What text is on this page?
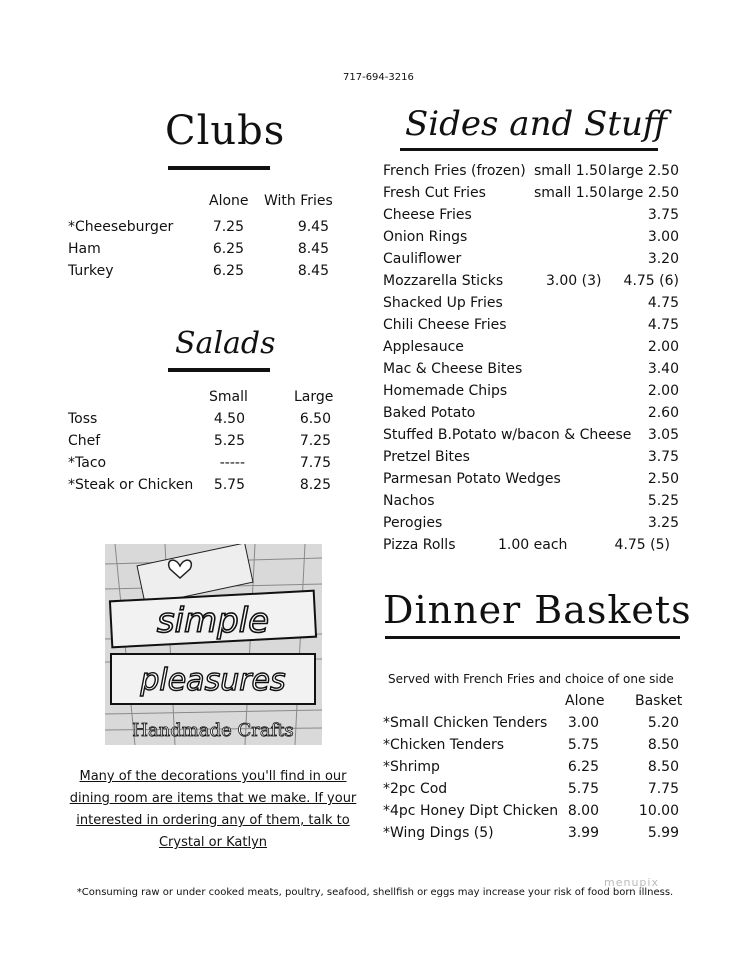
717-694-3216
Clubs
Alone With Fries
*Cheeseburger	7.25	9.45
Ham	6.25	8.45
Turkey	6.25	8.45
Salads
Small	Large
Toss	4.50	6.50
Chef	5.25	7.25
*Taco	-----	7.75
*Steak or Chicken	5.75	8.25
Sides and Stuff
French Fries (frozen) small 1.50 large 2.50
Fresh Cut Fries	small 1.50 large 2.50
Cheese Fries	3.75
Onion Rings	3.00
Cauliflower	3.20
Mozzarella Sticks	3.00 (3)	4.75 (6)
Shacked Up Fries	4.75
Chili Cheese Fries	4.75
Applesauce	2.00
Mac & Cheese Bites	3.40
Homemade Chips	2.00
Baked Potato	2.60
Stuffed B.Potato w/bacon & Cheese	3.05
Pretzel Bites	3.75
Parmesan Potato Wedges	2.50
Nachos	5.25
Perogies	3.25
Pizza Rolls	1.00 each	4.75 (5)
simple
pleasures
Handmade Crafts
Many of the decorations you'll find in our dining room are items that we make. If your interested in ordering any of them, talk to Crystal or Katlyn
Dinner Baskets
Served with French Fries and choice of one side
Alone Basket
*Small Chicken Tenders	3.00	5.20
*Chicken Tenders	5.75	8.50
*Shrimp	6.25	8.50
*2pc Cod	5.75	7.75
*4pc Honey Dipt Chicken 8.00	10.00
*Wing Dings (5)	3.99	5.99
menupix
*Consuming raw or under cooked meats, poultry, seafood, shellfish or eggs may increase your risk of food born illness.
